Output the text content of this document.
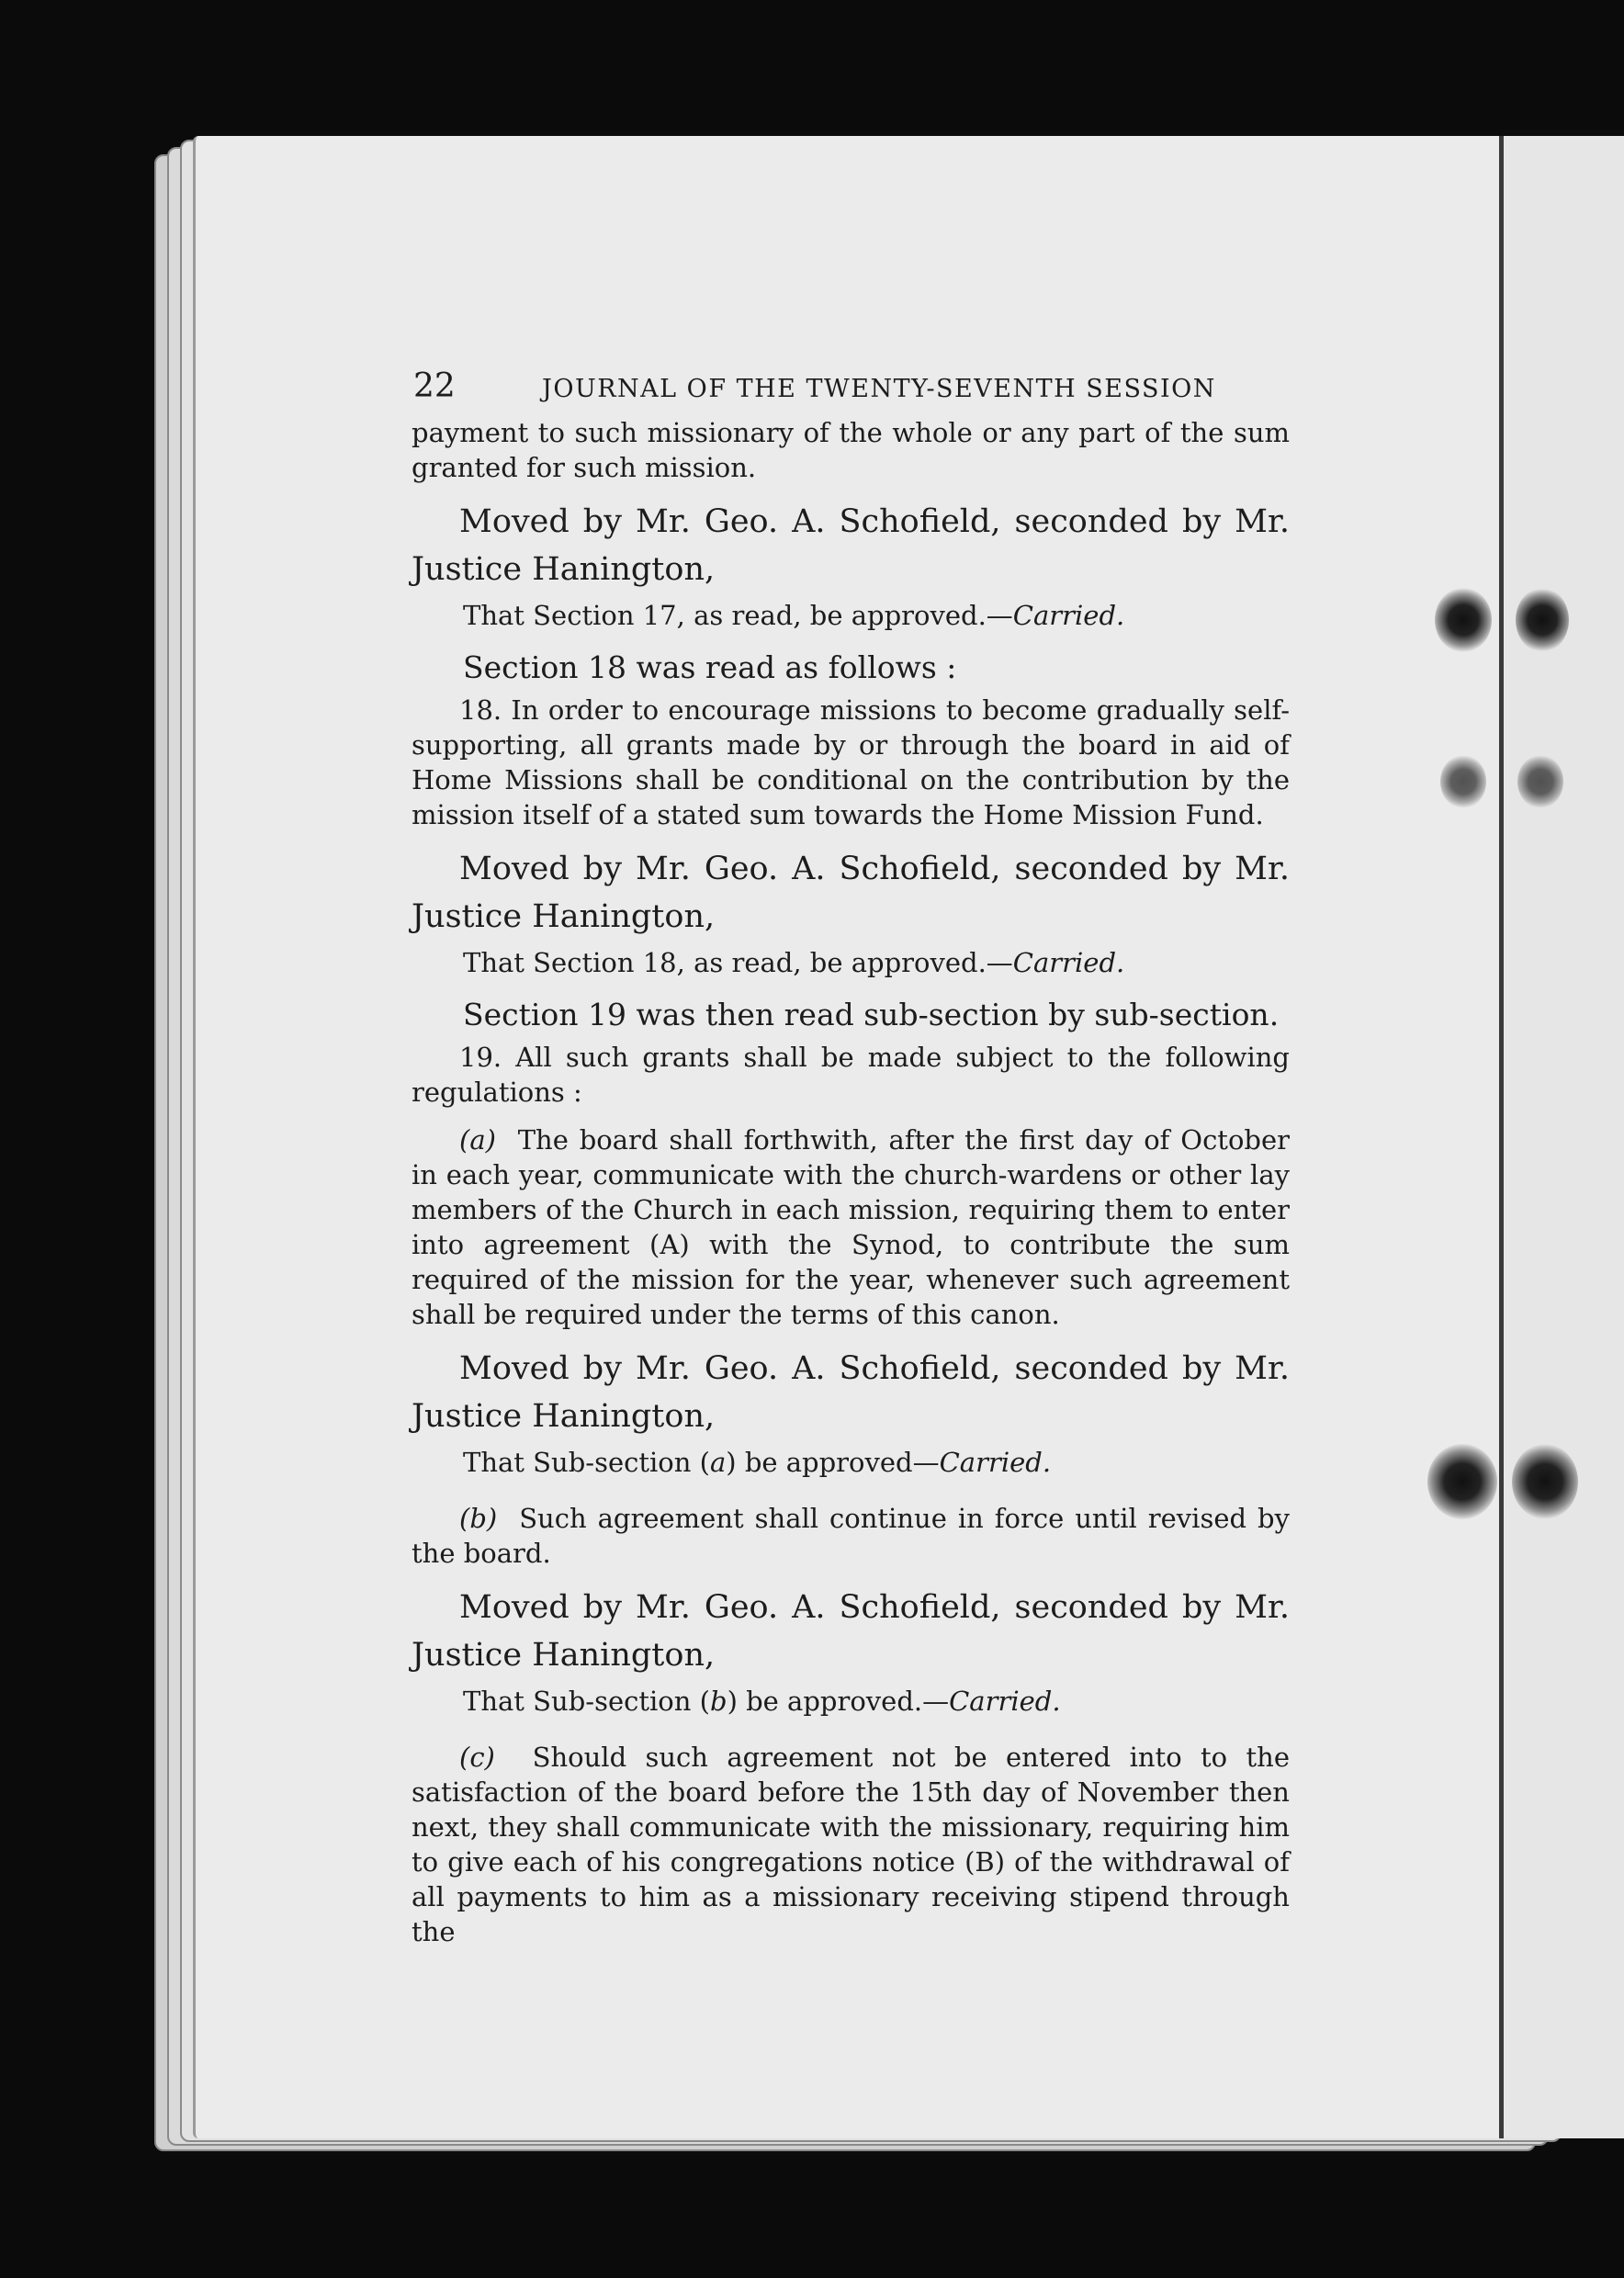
22	JOURNAL OF THE TWENTY-SEVENTH SESSION

payment to such missionary of the whole or any part of the sum granted for such mission.

Moved by Mr. Geo. A. Schofield, seconded by Mr. Justice Hanington,

That Section 17, as read, be approved.—Carried.

Section 18 was read as follows :

18. In order to encourage missions to become gradually self-supporting, all grants made by or through the board in aid of Home Missions shall be conditional on the contribution by the mission itself of a stated sum towards the Home Mission Fund.

Moved by Mr. Geo. A. Schofield, seconded by Mr. Justice Hanington,

That Section 18, as read, be approved.—Carried.

Section 19 was then read sub-section by sub-section.

19. All such grants shall be made subject to the following regulations :

(a) The board shall forthwith, after the first day of October in each year, communicate with the church-wardens or other lay members of the Church in each mission, requiring them to enter into agreement (A) with the Synod, to contribute the sum required of the mission for the year, whenever such agreement shall be required under the terms of this canon.

Moved by Mr. Geo. A. Schofield, seconded by Mr. Justice Hanington,

That Sub-section (a) be approved—Carried.

(b) Such agreement shall continue in force until revised by the board.

Moved by Mr. Geo. A. Schofield, seconded by Mr. Justice Hanington,

That Sub-section (b) be approved.—Carried.

(c) Should such agreement not be entered into to the satisfaction of the board before the 15th day of November then next, they shall communicate with the missionary, requiring him to give each of his congregations notice (B) of the withdrawal of all payments to him as a missionary receiving stipend through the
